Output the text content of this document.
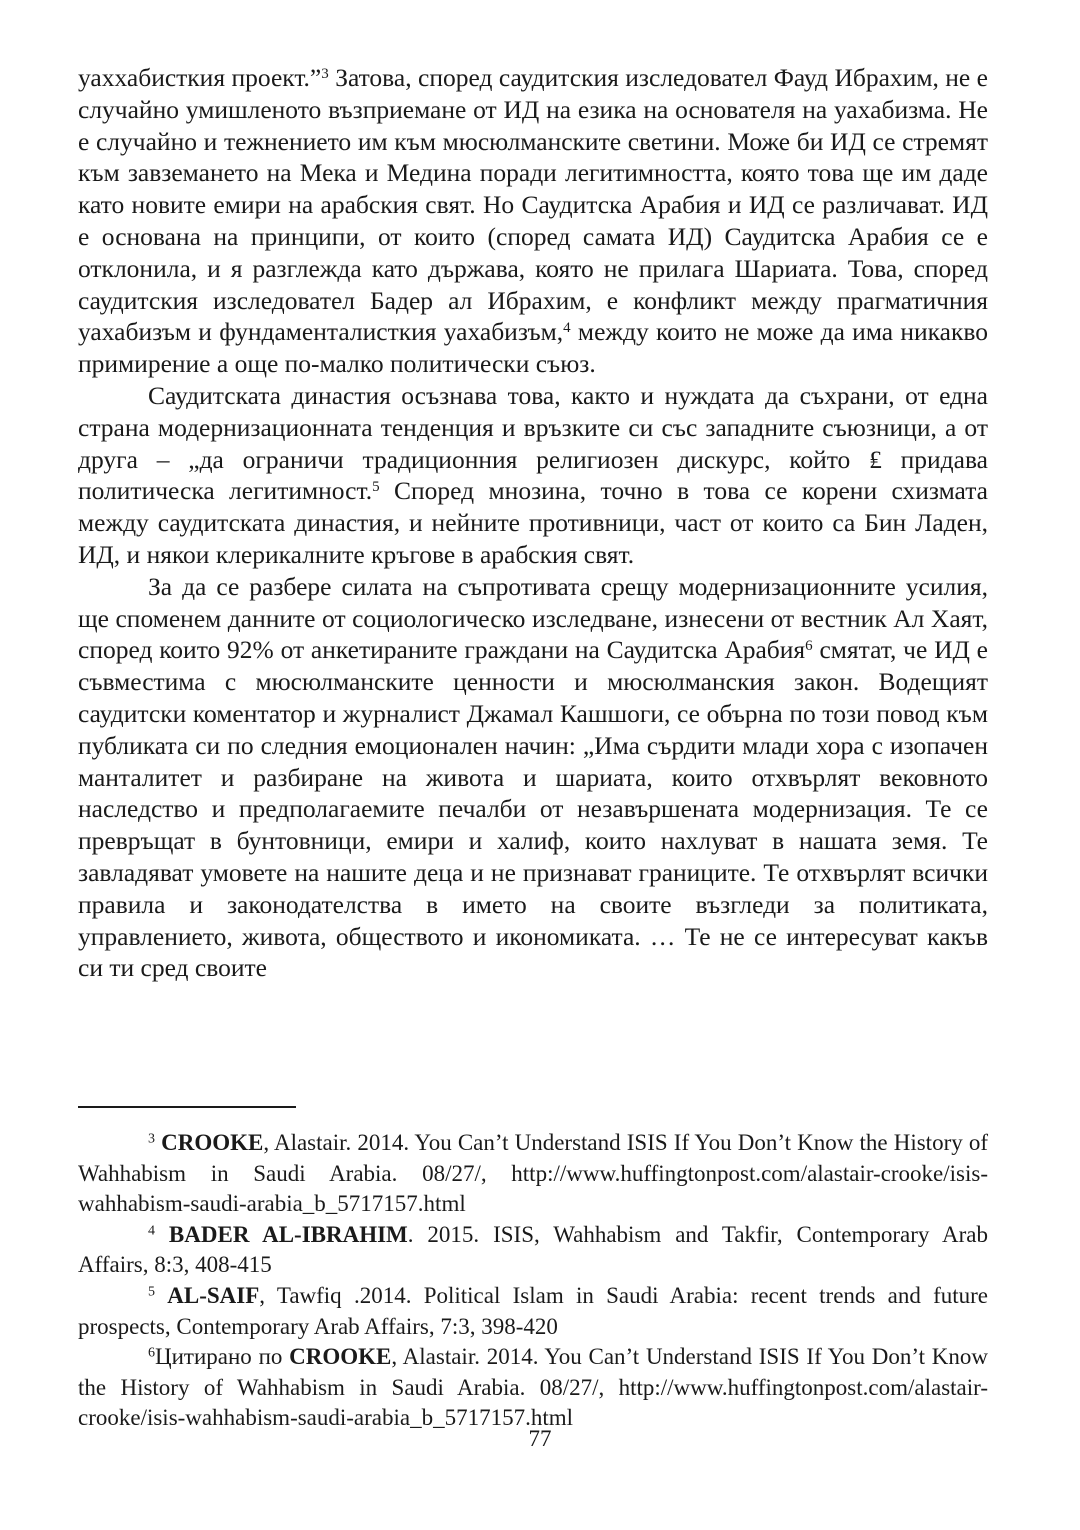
уаххабисткия проект.”$^3$ Затова, според саудитския изследовател Фауд Ибрахим, не е случайно умишленото възприемане от ИД на езика на основателя на уахабизма. Не е случайно и тежнението им към мюсюлманските светини. Може би ИД се стремят към завземането на Мека и Медина поради легитимността, която това ще им даде като новите емири на арабския свят. Но Саудитска Арабия и ИД се различават. ИД е основана на принципи, от които (според самата ИД) Саудитска Арабия се е отклонила, и я разглежда като държава, която не прилага Шариата. Това, според саудитския изследовател Бадер ал Ибрахим, е конфликт между прагматичния уахабизъм и фундаменталисткия уахабизъм,$^4$ между които не може да има никакво примирение а още по-малко политически съюз.

Саудитската династия осъзнава това, както и нуждата да съхрани, от една страна модернизационната тенденция и връзките си със западните съюзници, а от друга – „да ограничи традиционния религиозен дискурс, който ₤ придава политическа легитимност.$^5$ Според мнозина, точно в това се корени схизмата между саудитската династия, и нейните противници, част от които са Бин Ладен, ИД, и някои клерикалните кръгове в арабския свят.

За да се разбере силата на съпротивата срещу модернизационните усилия, ще споменем данните от социологическо изследване, изнесени от вестник Ал Хаят, според които 92% от анкетираните граждани на Саудитска Арабия$^6$ смятат, че ИД е съвместима с мюсюлманските ценности и мюсюлманския закон. Водещият саудитски коментатор и журналист Джамал Кашшоги, се обърна по този повод към публиката си по следния емоционален начин: „Има сърдити млади хора с изопачен манталитет и разбиране на живота и шариата, които отхвърлят вековното наследство и предполагаемите печалби от незавършената модернизация. Те се превръщат в бунтовници, емири и халиф, които нахлуват в нашата земя. Те завладяват умовете на нашите деца и не признават границите. Те отхвърлят всички правила и законодателства в името на своите възгледи за политиката, управлението, живота, обществото и икономиката. … Те не се интересуват какъв си ти сред своите

$^3$ CROOKE, Alastair. 2014. You Can’t Understand ISIS If You Don’t Know the History of Wahhabism in Saudi Arabia. 08/27/, http://www.huffingtonpost.com/alastair-crooke/isis-wahhabism-saudi-arabia_b_5717157.html

$^4$ BADER AL-IBRAHIM. 2015. ISIS, Wahhabism and Takfir, Contemporary Arab Affairs, 8:3, 408-415

$^5$ AL-SAIF, Tawfiq .2014. Political Islam in Saudi Arabia: recent trends and future prospects, Contemporary Arab Affairs, 7:3, 398-420

$^6$Цитирано по CROOKE, Alastair. 2014. You Can’t Understand ISIS If You Don’t Know the History of Wahhabism in Saudi Arabia. 08/27/, http://www.huffingtonpost.com/alastair-crooke/isis-wahhabism-saudi-arabia_b_5717157.html

77
